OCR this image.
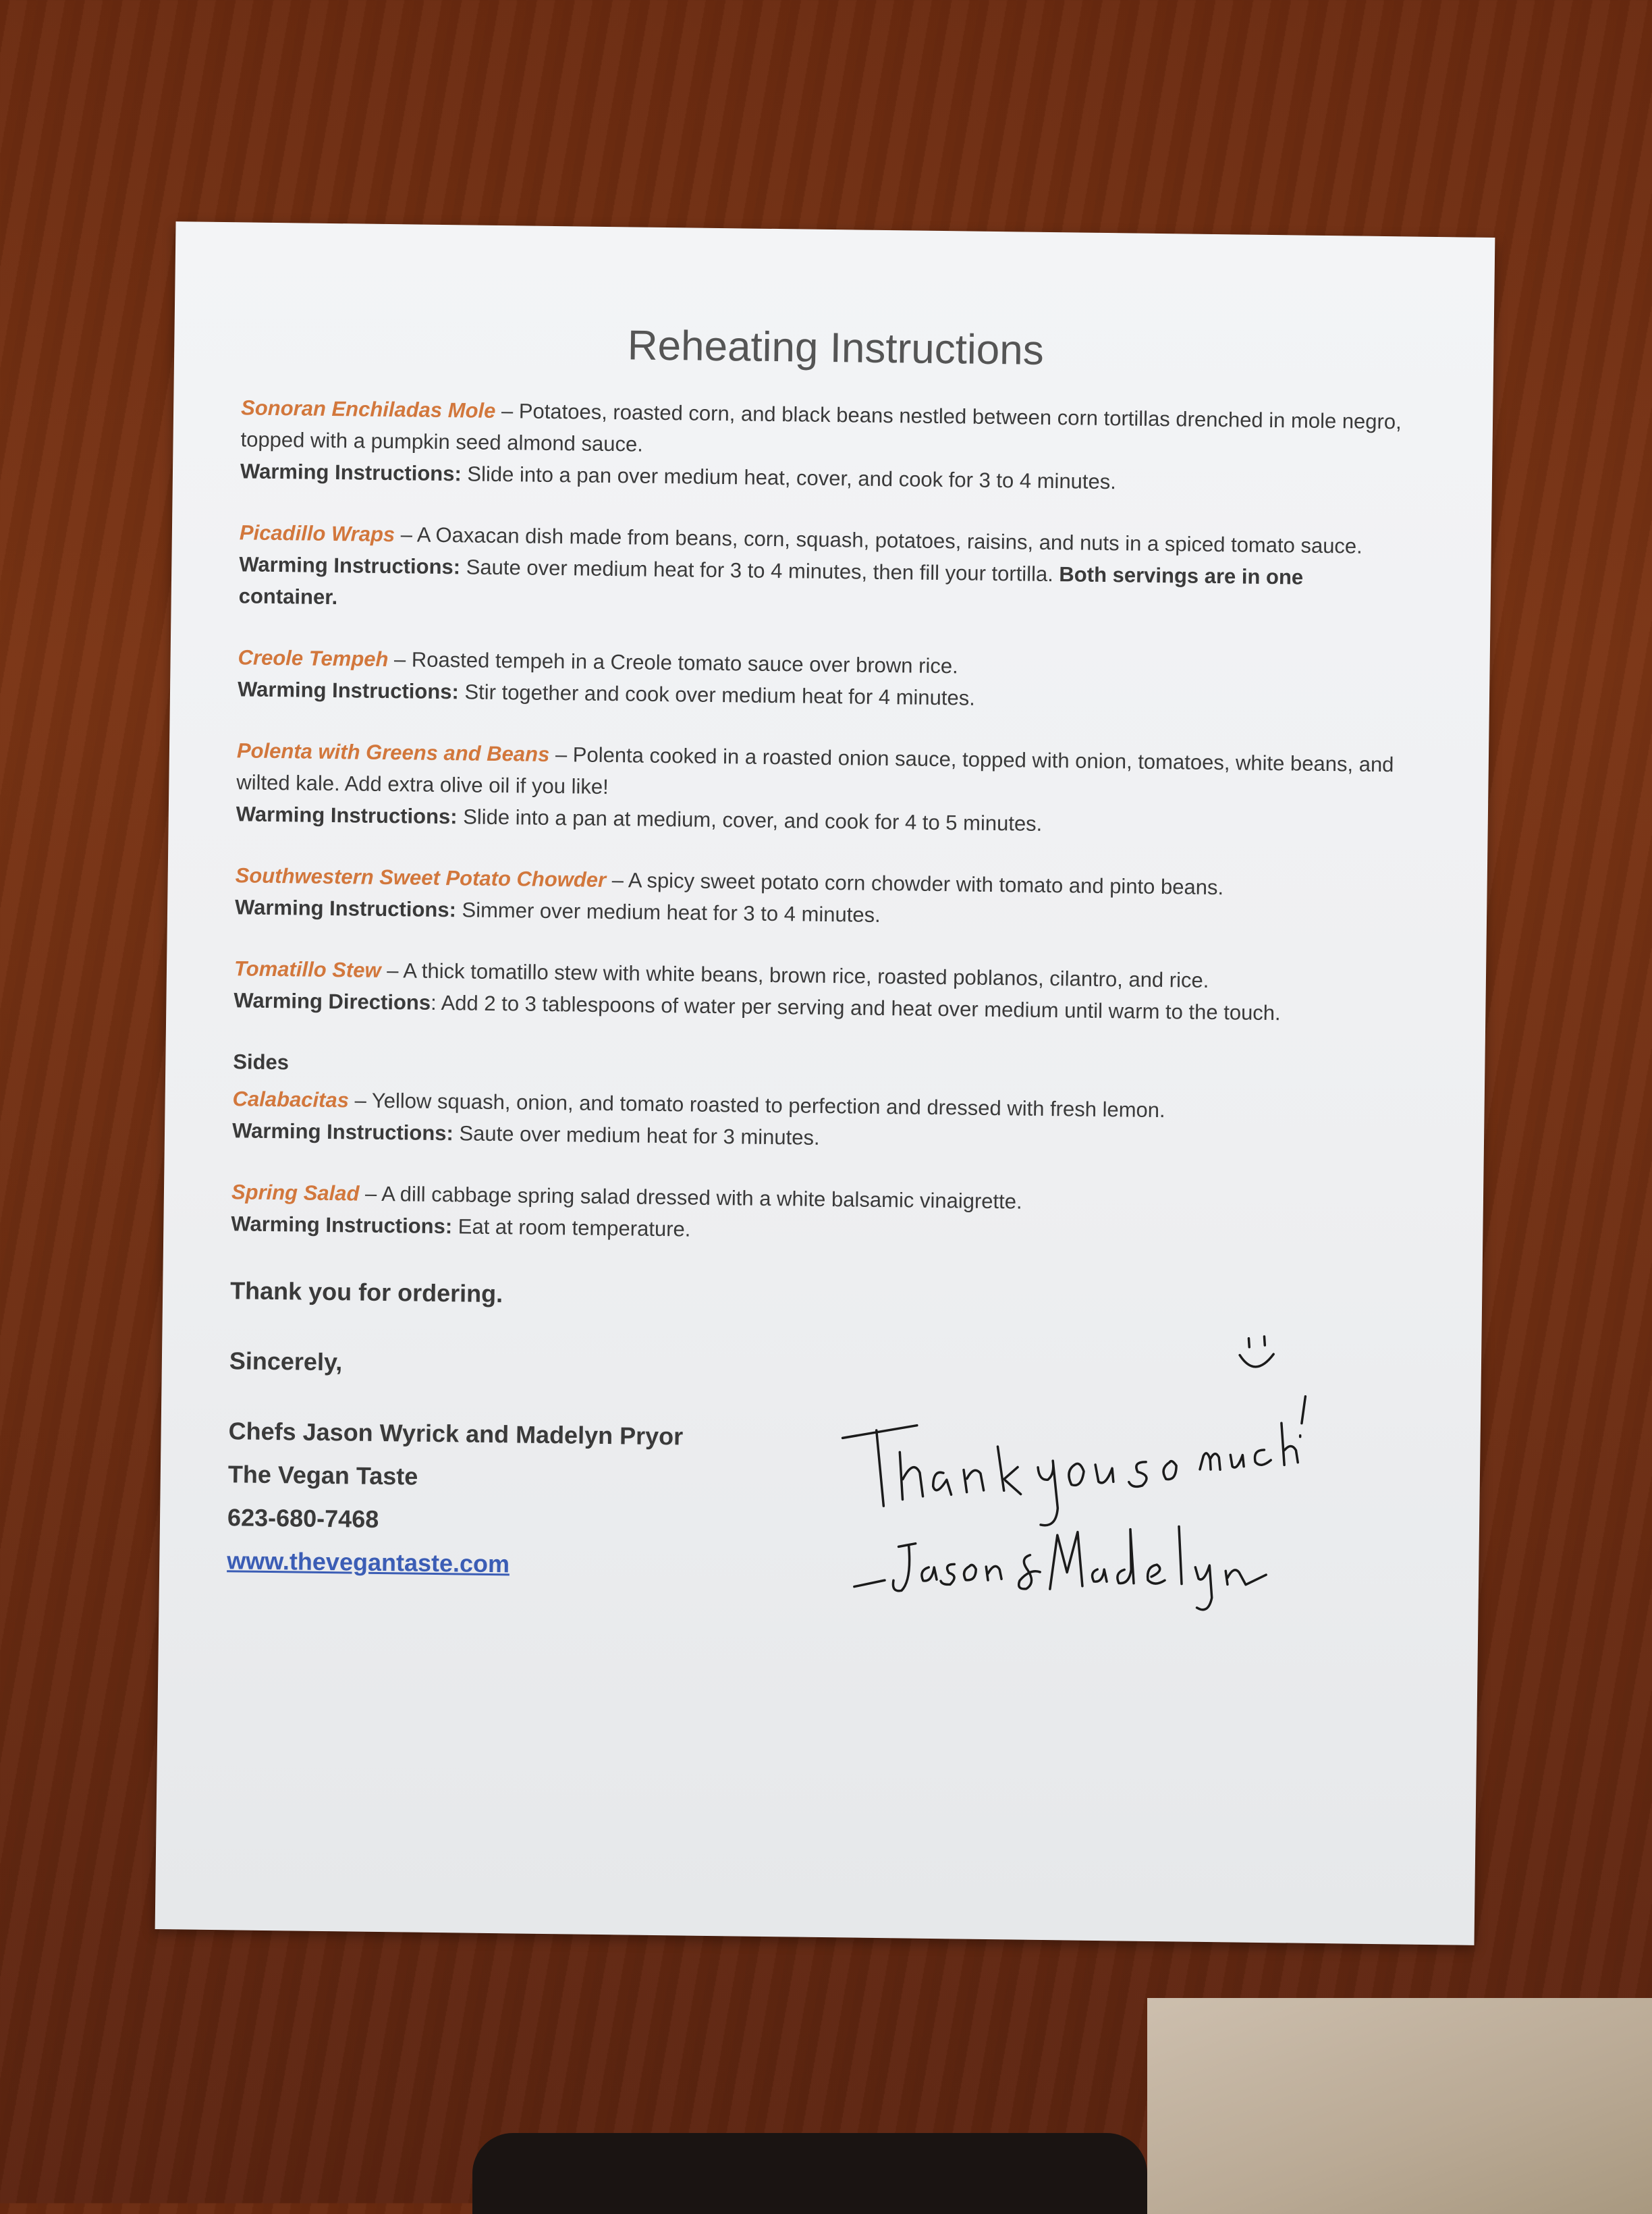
Reheating Instructions
Sonoran Enchiladas Mole – Potatoes, roasted corn, and black beans nestled between corn tortillas drenched in mole negro, topped with a pumpkin seed almond sauce.
Warming Instructions: Slide into a pan over medium heat, cover, and cook for 3 to 4 minutes.
Picadillo Wraps – A Oaxacan dish made from beans, corn, squash, potatoes, raisins, and nuts in a spiced tomato sauce.
Warming Instructions: Saute over medium heat for 3 to 4 minutes, then fill your tortilla. Both servings are in one container.
Creole Tempeh – Roasted tempeh in a Creole tomato sauce over brown rice.
Warming Instructions: Stir together and cook over medium heat for 4 minutes.
Polenta with Greens and Beans – Polenta cooked in a roasted onion sauce, topped with onion, tomatoes, white beans, and wilted kale. Add extra olive oil if you like!
Warming Instructions: Slide into a pan at medium, cover, and cook for 4 to 5 minutes.
Southwestern Sweet Potato Chowder – A spicy sweet potato corn chowder with tomato and pinto beans.
Warming Instructions: Simmer over medium heat for 3 to 4 minutes.
Tomatillo Stew – A thick tomatillo stew with white beans, brown rice, roasted poblanos, cilantro, and rice.
Warming Directions: Add 2 to 3 tablespoons of water per serving and heat over medium until warm to the touch.
Sides
Calabacitas – Yellow squash, onion, and tomato roasted to perfection and dressed with fresh lemon.
Warming Instructions: Saute over medium heat for 3 minutes.
Spring Salad – A dill cabbage spring salad dressed with a white balsamic vinaigrette.
Warming Instructions: Eat at room temperature.
Thank you for ordering.
Sincerely,
Chefs Jason Wyrick and Madelyn Pryor
The Vegan Taste
623-680-7468
www.thevegantaste.com
